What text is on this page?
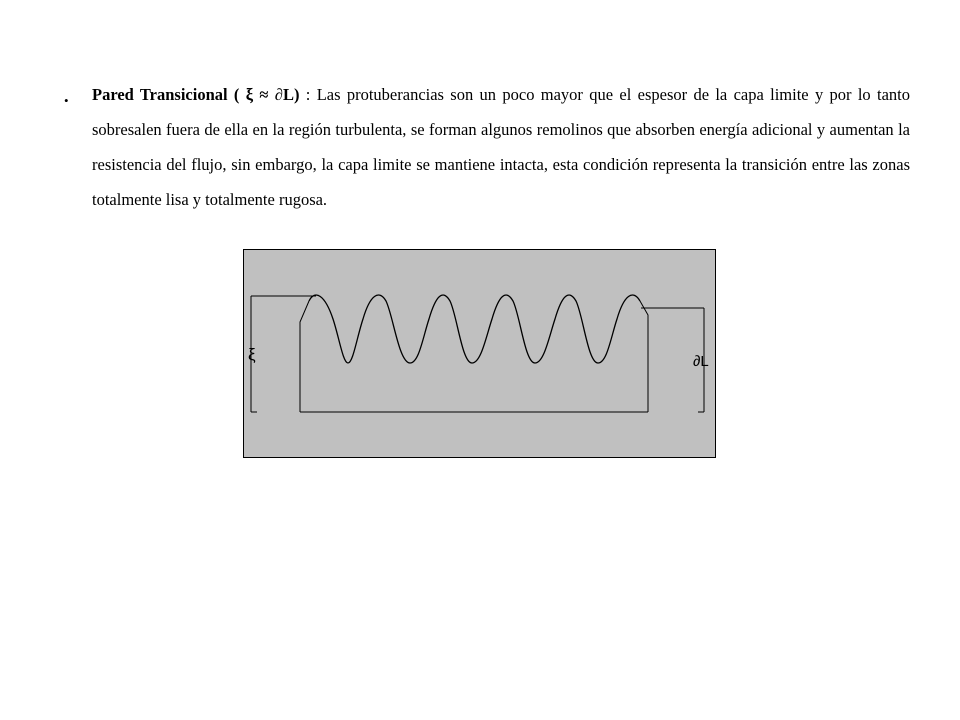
• Pared Transicional ( ξ ≈ ∂L) : Las protuberancias son un poco mayor que el espesor de la capa limite y por lo tanto sobresalen fuera de ella en la región turbulenta, se forman algunos remolinos que absorben energía adicional y aumentan la resistencia del flujo, sin embargo, la capa limite se mantiene intacta, esta condición representa la transición entre las zonas totalmente lisa y totalmente rugosa.
ξ	∂L
